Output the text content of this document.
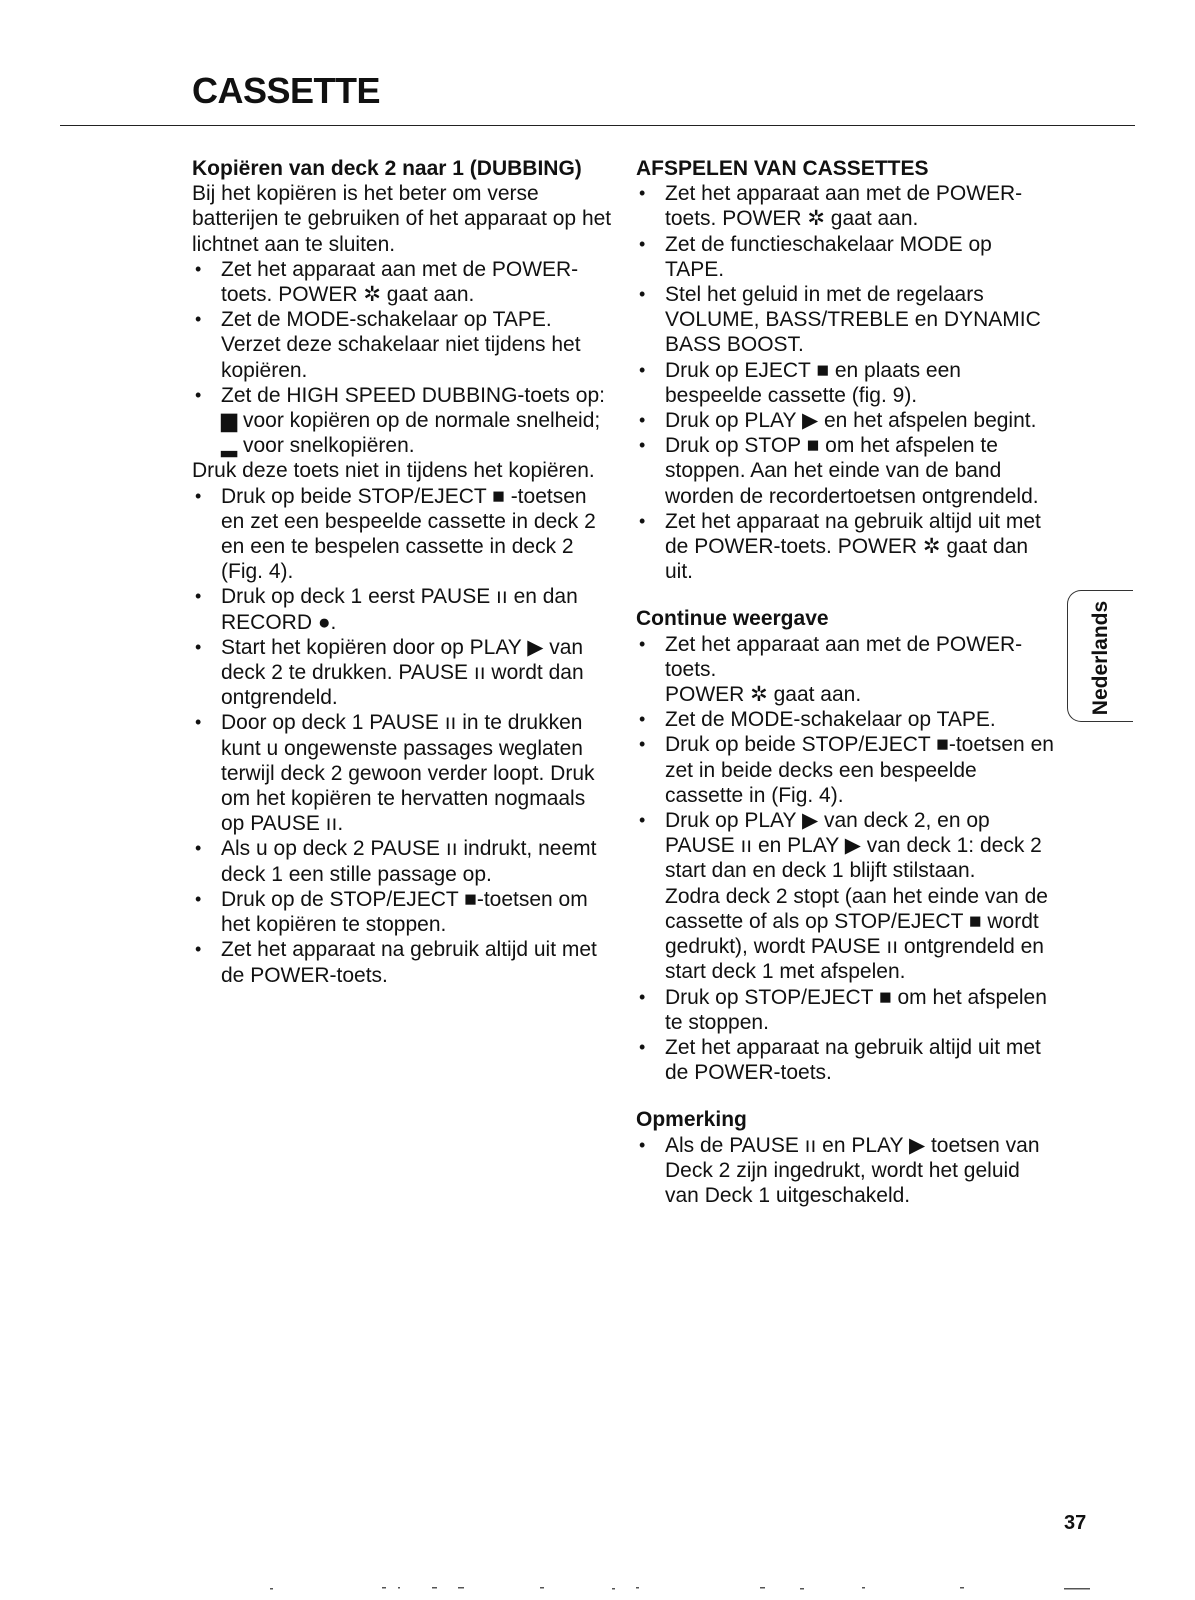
CASSETTE

Kopiëren van deck 2 naar 1 (DUBBING)

Bij het kopiëren is het beter om verse batterijen te gebruiken of het apparaat op het lichtnet aan te sluiten.

• Zet het apparaat aan met de POWER-toets. POWER ✲ gaat aan.
• Zet de MODE-schakelaar op TAPE. Verzet deze schakelaar niet tijdens het kopiëren.
• Zet de HIGH SPEED DUBBING-toets op:
▆ voor kopiëren op de normale snelheid;
▂ voor snelkopiëren.

Druk deze toets niet in tijdens het kopiëren.

• Druk op beide STOP/EJECT ■ -toetsen en zet een bespeelde cassette in deck 2 en een te bespelen cassette in deck 2 (Fig. 4).
• Druk op deck 1 eerst PAUSE ıı en dan RECORD ●.
• Start het kopiëren door op PLAY ▶ van deck 2 te drukken. PAUSE ıı wordt dan ontgrendeld.
• Door op deck 1 PAUSE ıı in te drukken kunt u ongewenste passages weglaten terwijl deck 2 gewoon verder loopt. Druk om het kopiëren te hervatten nogmaals op PAUSE ıı.
• Als u op deck 2 PAUSE ıı indrukt, neemt deck 1 een stille passage op.
• Druk op de STOP/EJECT ■-toetsen om het kopiëren te stoppen.
• Zet het apparaat na gebruik altijd uit met de POWER-toets.

AFSPELEN VAN CASSETTES

• Zet het apparaat aan met de POWER-toets. POWER ✲ gaat aan.
• Zet de functieschakelaar MODE op TAPE.
• Stel het geluid in met de regelaars VOLUME, BASS/TREBLE en DYNAMIC BASS BOOST.
• Druk op EJECT ■ en plaats een bespeelde cassette (fig. 9).
• Druk op PLAY ▶ en het afspelen begint.
• Druk op STOP ■ om het afspelen te stoppen. Aan het einde van de band worden de recordertoetsen ontgrendeld.
• Zet het apparaat na gebruik altijd uit met de POWER-toets. POWER ✲ gaat dan uit.

Continue weergave

• Zet het apparaat aan met de POWER-toets.
POWER ✲ gaat aan.
• Zet de MODE-schakelaar op TAPE.
• Druk op beide STOP/EJECT ■-toetsen en zet in beide decks een bespeelde cassette in (Fig. 4).
• Druk op PLAY ▶ van deck 2, en op PAUSE ıı en PLAY ▶ van deck 1: deck 2 start dan en deck 1 blijft stilstaan.
Zodra deck 2 stopt (aan het einde van de cassette of als op STOP/EJECT ■ wordt gedrukt), wordt PAUSE ıı ontgrendeld en start deck 1 met afspelen.
• Druk op STOP/EJECT ■ om het afspelen te stoppen.
• Zet het apparaat na gebruik altijd uit met de POWER-toets.

Opmerking

• Als de PAUSE ıı en PLAY ▶ toetsen van Deck 2 zijn ingedrukt, wordt het geluid van Deck 1 uitgeschakeld.
Nederlands
37
